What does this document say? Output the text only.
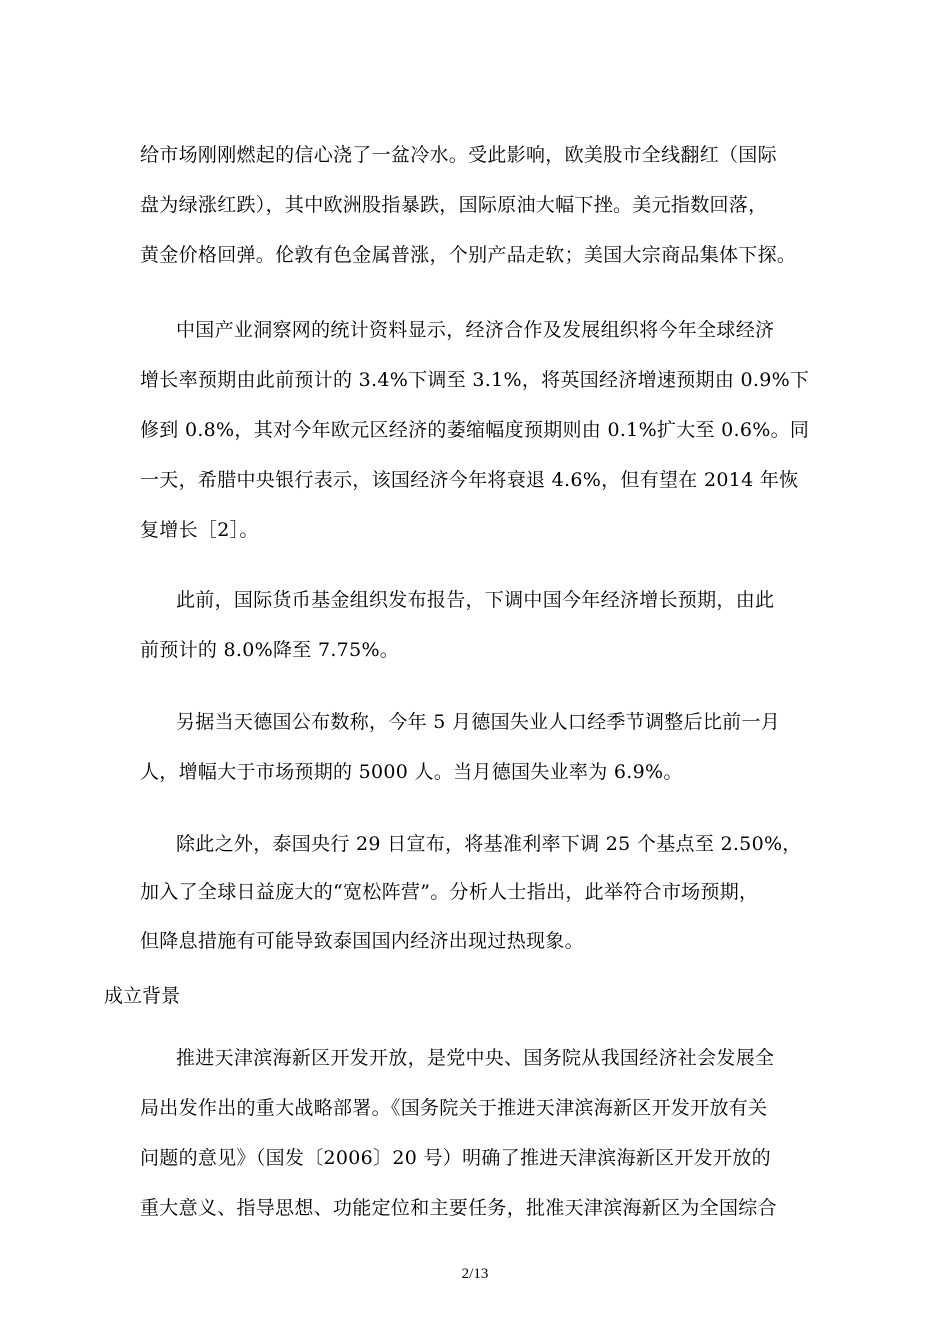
给市场刚刚燃起的信心浇了一盆冷水。受此影响，欧美股市全线翻红（国际
盘为绿涨红跌），其中欧洲股指暴跌，国际原油大幅下挫。美元指数回落，
黄金价格回弹。伦敦有色金属普涨，个别产品走软；美国大宗商品集体下探。
中国产业洞察网的统计资料显示，经济合作及发展组织将今年全球经济
增长率预期由此前预计的 3.4%下调至 3.1%，将英国经济增速预期由 0.9%下
修到 0.8%，其对今年欧元区经济的萎缩幅度预期则由 0.1%扩大至 0.6%。同
一天，希腊中央银行表示，该国经济今年将衰退 4.6%，但有望在 2014 年恢
复增长［2］。
此前，国际货币基金组织发布报告，下调中国今年经济增长预期，由此
前预计的 8.0%降至 7.75%。
另据当天德国公布数称，今年 5 月德国失业人口经季节调整后比前一月
人，增幅大于市场预期的 5000 人。当月德国失业率为 6.9%。
除此之外，泰国央行 29 日宣布，将基准利率下调 25 个基点至 2.50%，
加入了全球日益庞大的“宽松阵营”。分析人士指出，此举符合市场预期，
但降息措施有可能导致泰国国内经济出现过热现象。
成立背景
推进天津滨海新区开发开放，是党中央、国务院从我国经济社会发展全
局出发作出的重大战略部署。《国务院关于推进天津滨海新区开发开放有关
问题的意见》（国发〔2006〕20 号）明确了推进天津滨海新区开发开放的
重大意义、指导思想、功能定位和主要任务，批准天津滨海新区为全国综合
2/13
